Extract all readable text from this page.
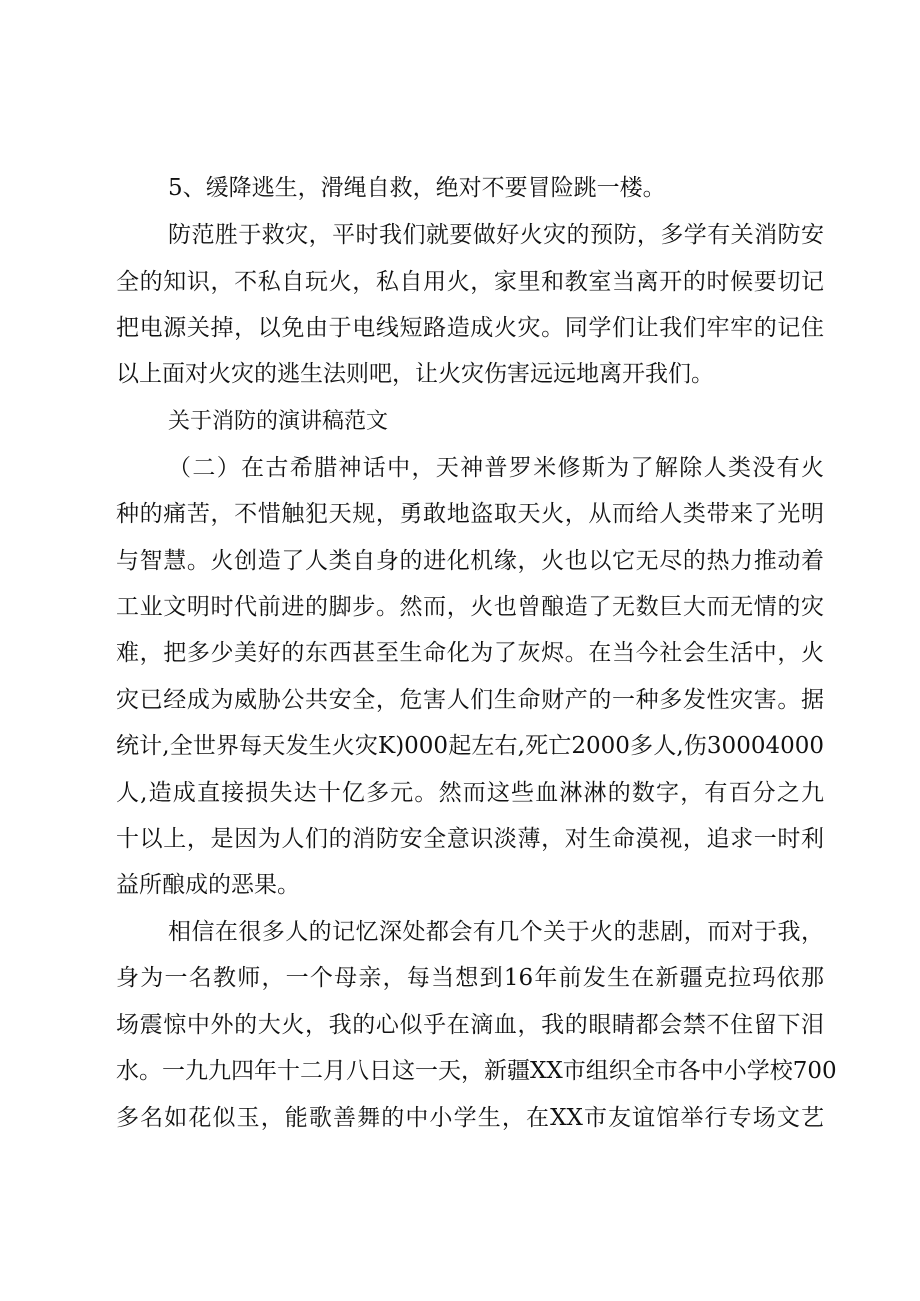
5、缓降逃生，滑绳自救，绝对不要冒险跳一楼。
防范胜于救灾，平时我们就要做好火灾的预防，多学有关消防安
全的知识，不私自玩火，私自用火，家里和教室当离开的时候要切记
把电源关掉，以免由于电线短路造成火灾。同学们让我们牢牢的记住
以上面对火灾的逃生法则吧，让火灾伤害远远地离开我们。
关于消防的演讲稿范文
（二）在古希腊神话中，天神普罗米修斯为了解除人类没有火
种的痛苦，不惜触犯天规，勇敢地盗取天火，从而给人类带来了光明
与智慧。火创造了人类自身的进化机缘，火也以它无尽的热力推动着
工业文明时代前进的脚步。然而，火也曾酿造了无数巨大而无情的灾
难，把多少美好的东西甚至生命化为了灰烬。在当今社会生活中，火
灾已经成为威胁公共安全，危害人们生命财产的一种多发性灾害。据
统计,全世界每天发生火灾K)000起左右,死亡2000多人,伤30004000
人,造成直接损失达十亿多元。然而这些血淋淋的数字，有百分之九
十以上，是因为人们的消防安全意识淡薄，对生命漠视，追求一时利
益所酿成的恶果。
相信在很多人的记忆深处都会有几个关于火的悲剧，而对于我，
身为一名教师，一个母亲，每当想到16年前发生在新疆克拉玛依那
场震惊中外的大火，我的心似乎在滴血，我的眼睛都会禁不住留下泪
水。一九九四年十二月八日这一天，新疆XX市组织全市各中小学校700
多名如花似玉，能歌善舞的中小学生，在XX市友谊馆举行专场文艺
